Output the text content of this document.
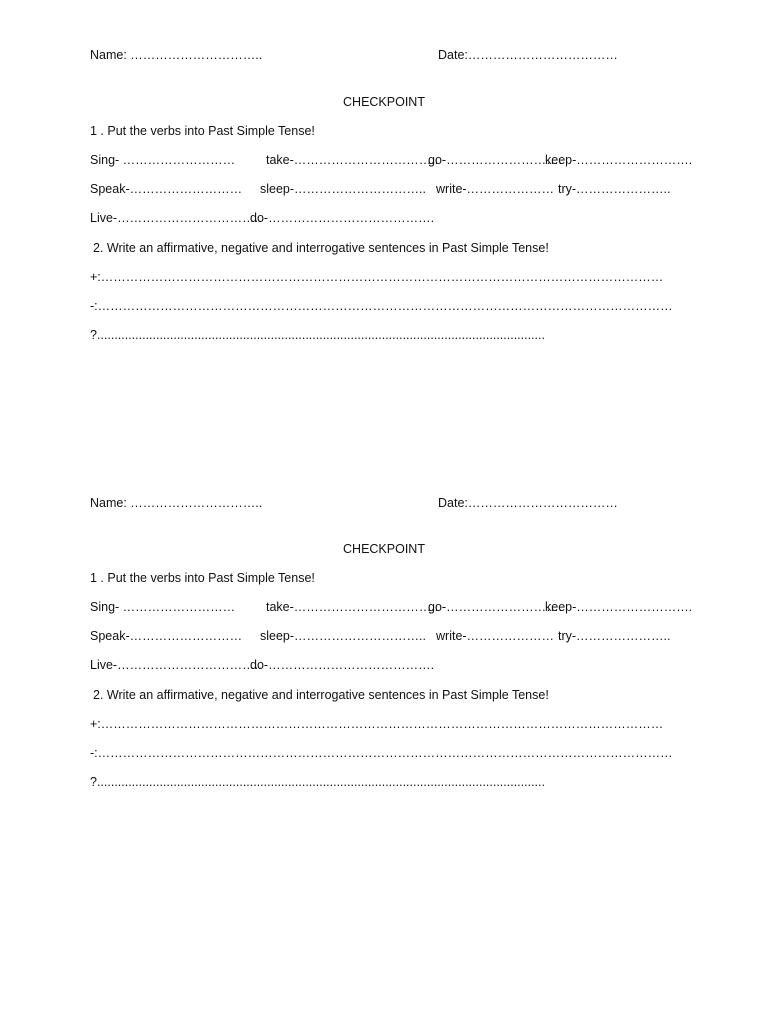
Name: …………………………..	Date:………………………………
CHECKPOINT
1 . Put the verbs into Past Simple Tense!
Sing- ……………………… take-……………………………..
go-……………………….
keep-……………………….
Speak-……………………… sleep-………………………….. write-………………… try-…………………..
Live-……………………………..
do-………………………………….
2. Write an affirmative, negative and interrogative sentences in Past Simple Tense!
+:………………………………………………………………………………………………………………………
-:…………………………………………………………………………………………………………………………
?.................................................................................................................................
Name: …………………………..	Date:………………………………
CHECKPOINT
1 . Put the verbs into Past Simple Tense!
Sing- ……………………… take-……………………………..
go-……………………….
keep-……………………….
Speak-……………………… sleep-………………………….. write-………………… try-…………………..
Live-……………………………..
do-………………………………….
2. Write an affirmative, negative and interrogative sentences in Past Simple Tense!
+:………………………………………………………………………………………………………………………
-:…………………………………………………………………………………………………………………………
?.................................................................................................................................
